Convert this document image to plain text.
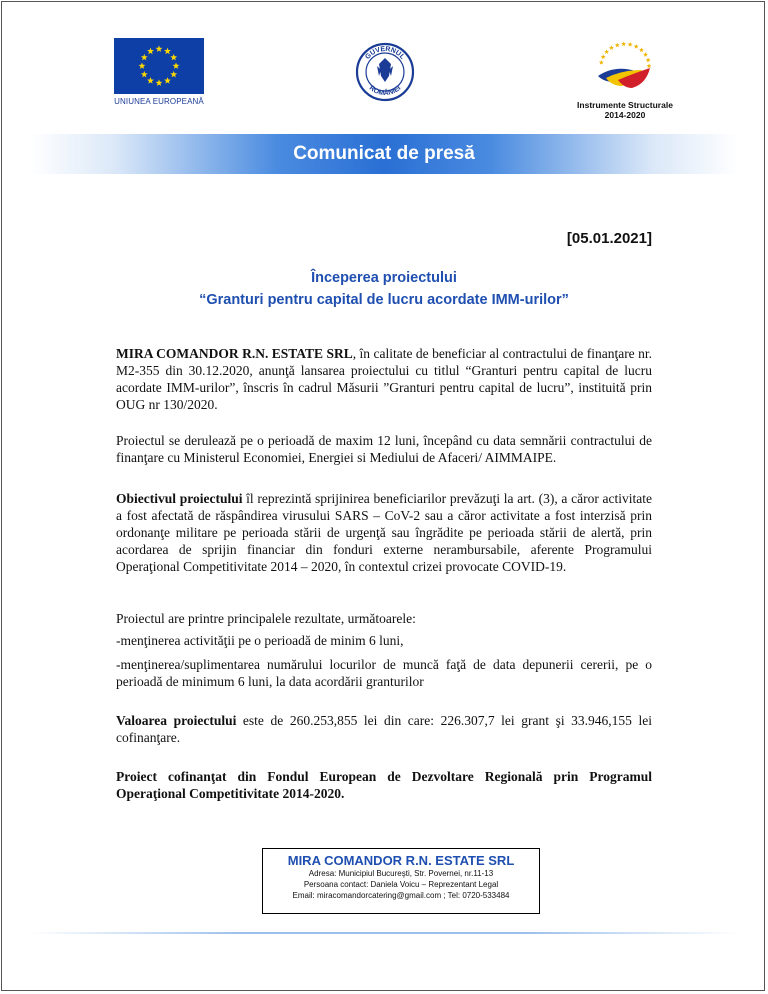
UNIUNEA EUROPEANĂ
GUVERNUL
ROMÂNIEI
Instrumente Structurale
2014-2020
Comunicat de presă
[05.01.2021]
Începerea proiectului
“Granturi pentru capital de lucru acordate IMM-urilor”
MIRA COMANDOR R.N. ESTATE SRL, în calitate de beneficiar al contractului de finanţare nr. M2-355 din 30.12.2020, anunţă lansarea proiectului cu titlul “Granturi pentru capital de lucru acordate IMM-urilor”, înscris în cadrul Măsurii ”Granturi pentru capital de lucru”, instituită prin OUG nr 130/2020.
Proiectul se derulează pe o perioadă de maxim 12 luni, începând cu data semnării contractului de finanţare cu Ministerul Economiei, Energiei si Mediului de Afaceri/ AIMMAIPE.
Obiectivul proiectului îl reprezintă sprijinirea beneficiarilor prevăzuţi la art. (3), a căror activitate a fost afectată de răspândirea virusului SARS – CoV-2 sau a căror activitate a fost interzisă prin ordonanţe militare pe perioada stării de urgenţă sau îngrădite pe perioada stării de alertă, prin acordarea de sprijin financiar din fonduri externe nerambursabile, aferente Programului Operaţional Competitivitate 2014 – 2020, în contextul crizei provocate COVID-19.
Proiectul are printre principalele rezultate, următoarele:
-menţinerea activităţii pe o perioadă de minim 6 luni,
-menţinerea/suplimentarea numărului locurilor de muncă faţă de data depunerii cererii, pe o perioadă de minimum 6 luni, la data acordării granturilor
Valoarea proiectului este de 260.253,855 lei din care: 226.307,7 lei grant şi 33.946,155 lei cofinanţare.
Proiect cofinanţat din Fondul European de Dezvoltare Regională prin Programul Operaţional Competitivitate 2014-2020.
MIRA COMANDOR R.N. ESTATE SRL
Adresa: Municipiul Bucureşti, Str. Povernei, nr.11-13
Persoana contact: Daniela Voicu – Reprezentant Legal
Email: miracomandorcatering@gmail.com ; Tel: 0720-533484
